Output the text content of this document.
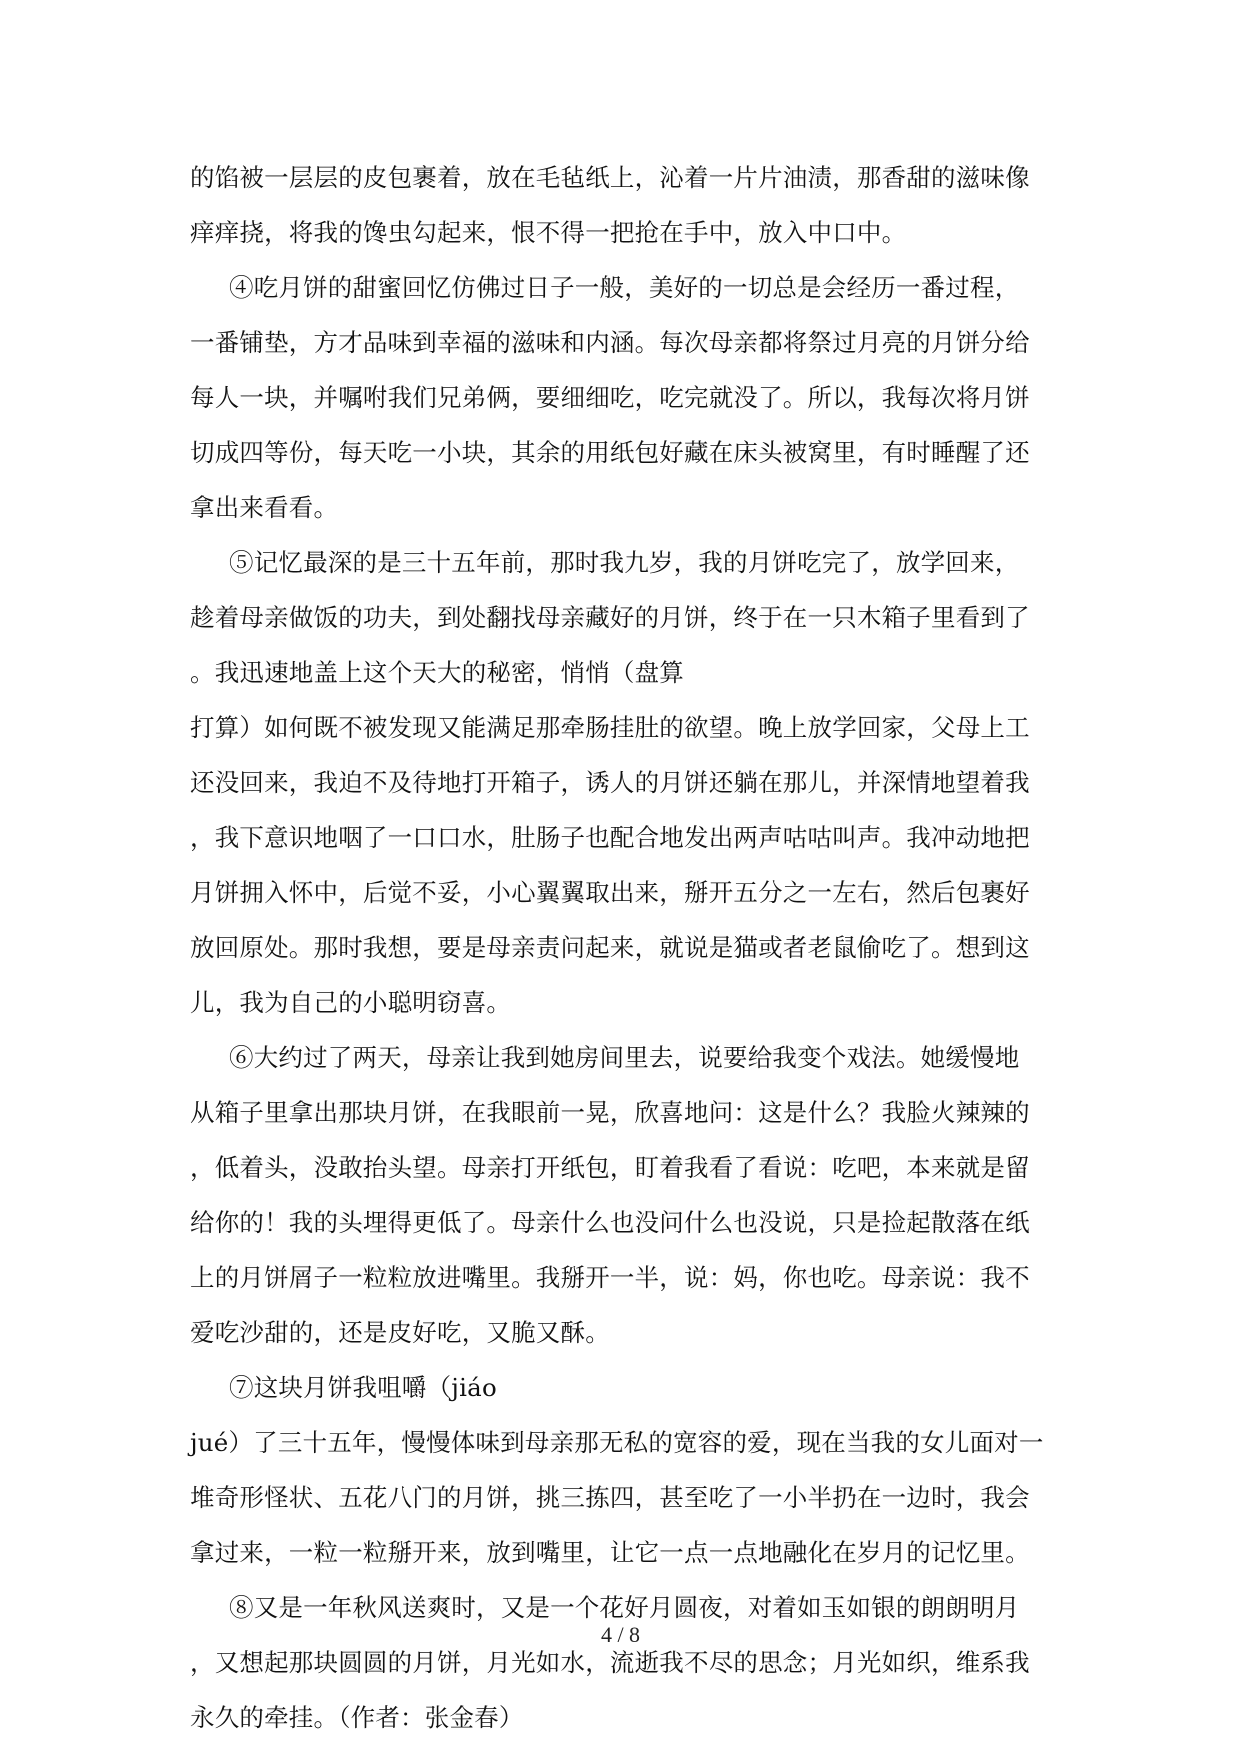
的馅被一层层的皮包裹着，放在毛毡纸上，沁着一片片油渍，那香甜的滋味像
痒痒挠，将我的馋虫勾起来，恨不得一把抢在手中，放入中口中。
④吃月饼的甜蜜回忆仿佛过日子一般，美好的一切总是会经历一番过程，
一番铺垫，方才品味到幸福的滋味和内涵。每次母亲都将祭过月亮的月饼分给
每人一块，并嘱咐我们兄弟俩，要细细吃，吃完就没了。所以，我每次将月饼
切成四等份，每天吃一小块，其余的用纸包好藏在床头被窝里，有时睡醒了还
拿出来看看。
⑤记忆最深的是三十五年前，那时我九岁，我的月饼吃完了，放学回来，
趁着母亲做饭的功夫，到处翻找母亲藏好的月饼，终于在一只木箱子里看到了
。我迅速地盖上这个天大的秘密，悄悄（盘算
打算）如何既不被发现又能满足那牵肠挂肚的欲望。晚上放学回家，父母上工
还没回来，我迫不及待地打开箱子，诱人的月饼还躺在那儿，并深情地望着我
，我下意识地咽了一口口水，肚肠子也配合地发出两声咕咕叫声。我冲动地把
月饼拥入怀中，后觉不妥，小心翼翼取出来，掰开五分之一左右，然后包裹好
放回原处。那时我想，要是母亲责问起来，就说是猫或者老鼠偷吃了。想到这
儿，我为自己的小聪明窃喜。
⑥大约过了两天，母亲让我到她房间里去，说要给我变个戏法。她缓慢地
从箱子里拿出那块月饼，在我眼前一晃，欣喜地问：这是什么？我脸火辣辣的
，低着头，没敢抬头望。母亲打开纸包，盯着我看了看说：吃吧，本来就是留
给你的！我的头埋得更低了。母亲什么也没问什么也没说，只是捡起散落在纸
上的月饼屑子一粒粒放进嘴里。我掰开一半，说：妈，你也吃。母亲说：我不
爱吃沙甜的，还是皮好吃，又脆又酥。
⑦这块月饼我咀嚼（jiáo
jué）了三十五年，慢慢体味到母亲那无私的宽容的爱，现在当我的女儿面对一
堆奇形怪状、五花八门的月饼，挑三拣四，甚至吃了一小半扔在一边时，我会
拿过来，一粒一粒掰开来，放到嘴里，让它一点一点地融化在岁月的记忆里。
⑧又是一年秋风送爽时，又是一个花好月圆夜，对着如玉如银的朗朗明月
，又想起那块圆圆的月饼，月光如水，流逝我不尽的思念；月光如织，维系我
永久的牵挂。（作者：张金春）
4 / 8
